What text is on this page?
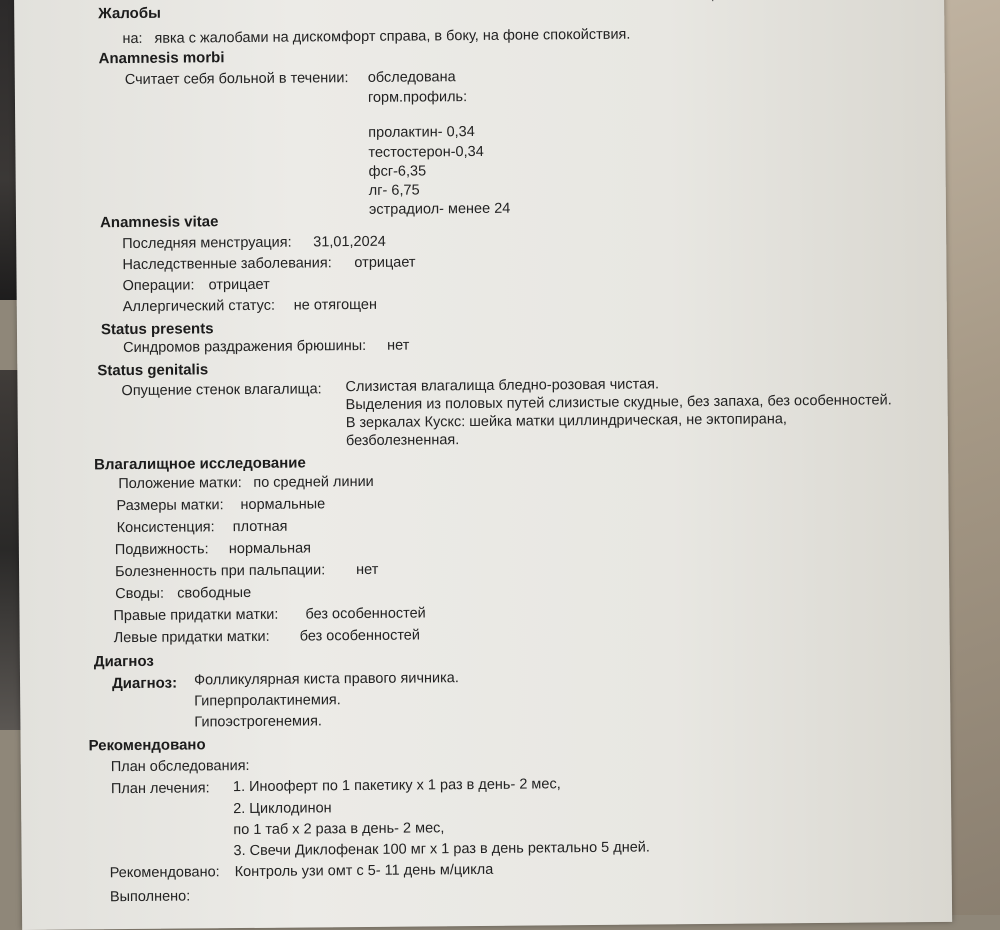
Жалобы
на: явка с жалобами на дискомфорт справа, в боку, на фоне спокойствия.
Anamnesis morbi
Считает себя больной в течении: обследована
горм.профиль:
пролактин- 0,34
тестостерон-0,34
фсг-6,35
лг- 6,75
эстрадиол- менее 24
Anamnesis vitae
Последняя менструация: 31,01,2024
Наследственные заболевания: отрицает
Операции: отрицает
Аллергический статус: не отягощен
Status presents
Синдромов раздражения брюшины: нет
Status genitalis
Опущение стенок влагалища: Слизистая влагалища бледно-розовая чистая.
Выделения из половых путей слизистые скудные, без запаха, без особенностей.
В зеркалах Кускс: шейка матки циллиндрическая, не эктопирана,
безболезненная.
Влагалищное исследование
Положение матки: по средней линии
Размеры матки: нормальные
Консистенция: плотная
Подвижность: нормальная
Болезненность при пальпации: нет
Своды: свободные
Правые придатки матки: без особенностей
Левые придатки матки: без особенностей
Диагноз
Диагноз: Фолликулярная киста правого яичника.
Гиперпролактинемия.
Гипоэстрогенемия.
Рекомендовано
План обследования:
План лечения: 1. Инооферт по 1 пакетику х 1 раз в день- 2 мес,
2. Циклодинон
по 1 таб х 2 раза в день- 2 мес,
3. Свечи Диклофенак 100 мг х 1 раз в день ректально 5 дней.
Рекомендовано: Контроль узи омт с 5- 11 день м/цикла
Выполнено:
